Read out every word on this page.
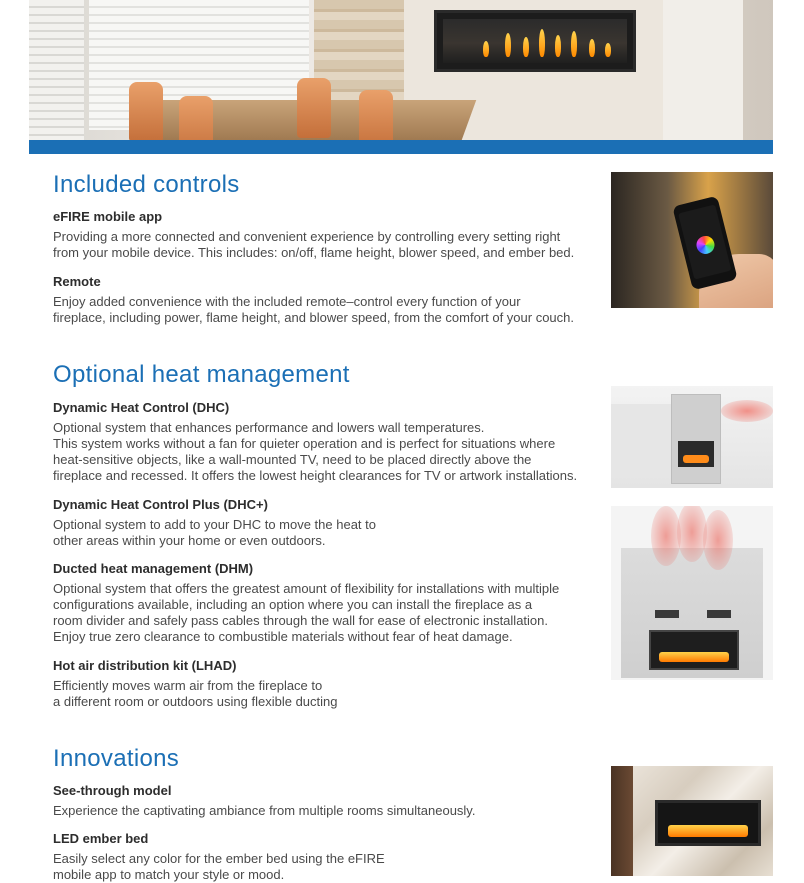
Included controls

eFIRE mobile app

Providing a more connected and convenient experience by controlling every setting right
from your mobile device. This includes: on/off, flame height, blower speed, and ember bed.

Remote

Enjoy added convenience with the included remote–control every function of your
fireplace, including power, flame height, and blower speed, from the comfort of your couch.

Optional heat management

Dynamic Heat Control (DHC)

Optional system that enhances performance and lowers wall temperatures.
This system works without a fan for quieter operation and is perfect for situations where
heat-sensitive objects, like a wall-mounted TV, need to be placed directly above the
fireplace and recessed. It offers the lowest height clearances for TV or artwork installations.

Dynamic Heat Control Plus (DHC+)

Optional system to add to your DHC to move the heat to
other areas within your home or even outdoors.

Ducted heat management (DHM)

Optional system that offers the greatest amount of flexibility for installations with multiple
configurations available, including an option where you can install the fireplace as a
room divider and safely pass cables through the wall for ease of electronic installation.
Enjoy true zero clearance to combustible materials without fear of heat damage.

Hot air distribution kit (LHAD)

Efficiently moves warm air from the fireplace to
a different room or outdoors using flexible ducting

Innovations

See-through model

Experience the captivating ambiance from multiple rooms simultaneously.

LED ember bed

Easily select any color for the ember bed using the eFIRE
mobile app to match your style or mood.
